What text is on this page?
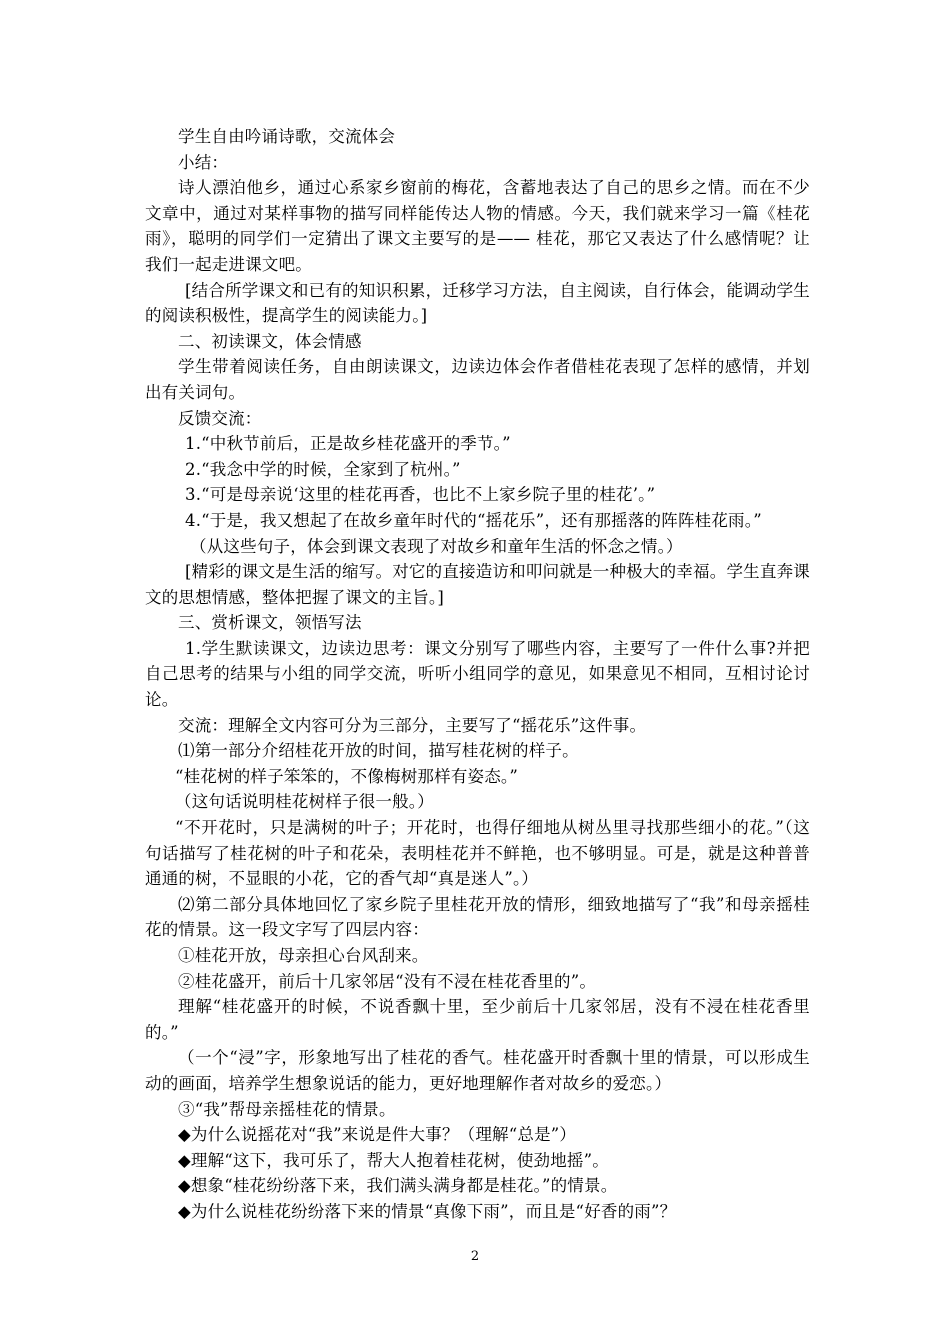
学生自由吟诵诗歌，交流体会

小结：

诗人漂泊他乡，通过心系家乡窗前的梅花，含蓄地表达了自己的思乡之情。而在不少文章中，通过对某样事物的描写同样能传达人物的情感。今天，我们就来学习一篇《桂花雨》，聪明的同学们一定猜出了课文主要写的是—— 桂花，那它又表达了什么感情呢？让我们一起走进课文吧。

[结合所学课文和已有的知识积累，迁移学习方法，自主阅读，自行体会，能调动学生的阅读积极性，提高学生的阅读能力。]

二、初读课文，体会情感

学生带着阅读任务，自由朗读课文，边读边体会作者借桂花表现了怎样的感情，并划出有关词句。

反馈交流：

1.“中秋节前后，正是故乡桂花盛开的季节。”

2.“我念中学的时候，全家到了杭州。”

3.“可是母亲说‘这里的桂花再香，也比不上家乡院子里的桂花’。”

4.“于是，我又想起了在故乡童年时代的“摇花乐”，还有那摇落的阵阵桂花雨。”

（从这些句子，体会到课文表现了对故乡和童年生活的怀念之情。）

[精彩的课文是生活的缩写。对它的直接造访和叩问就是一种极大的幸福。学生直奔课文的思想情感，整体把握了课文的主旨。]

三、赏析课文，领悟写法

1.学生默读课文，边读边思考：课文分别写了哪些内容，主要写了一件什么事?并把自己思考的结果与小组的同学交流，听听小组同学的意见，如果意见不相同，互相讨论讨论。

交流：理解全文内容可分为三部分，主要写了“摇花乐”这件事。

⑴第一部分介绍桂花开放的时间，描写桂花树的样子。

“桂花树的样子笨笨的，不像梅树那样有姿态。”

（这句话说明桂花树样子很一般。）

“不开花时，只是满树的叶子；开花时，也得仔细地从树丛里寻找那些细小的花。”（这句话描写了桂花树的叶子和花朵，表明桂花并不鲜艳，也不够明显。可是，就是这种普普通通的树，不显眼的小花，它的香气却“真是迷人”。）

⑵第二部分具体地回忆了家乡院子里桂花开放的情形，细致地描写了“我”和母亲摇桂花的情景。这一段文字写了四层内容：

①桂花开放，母亲担心台风刮来。

②桂花盛开，前后十几家邻居“没有不浸在桂花香里的”。

理解“桂花盛开的时候，不说香飘十里，至少前后十几家邻居，没有不浸在桂花香里的。”

（一个“浸”字，形象地写出了桂花的香气。桂花盛开时香飘十里的情景，可以形成生动的画面，培养学生想象说话的能力，更好地理解作者对故乡的爱恋。）

③“我”帮母亲摇桂花的情景。

◆为什么说摇花对“我”来说是件大事？（理解“总是”）

◆理解“这下，我可乐了，帮大人抱着桂花树，使劲地摇”。

◆想象“桂花纷纷落下来，我们满头满身都是桂花。”的情景。

◆为什么说桂花纷纷落下来的情景“真像下雨”，而且是“好香的雨”？

2
